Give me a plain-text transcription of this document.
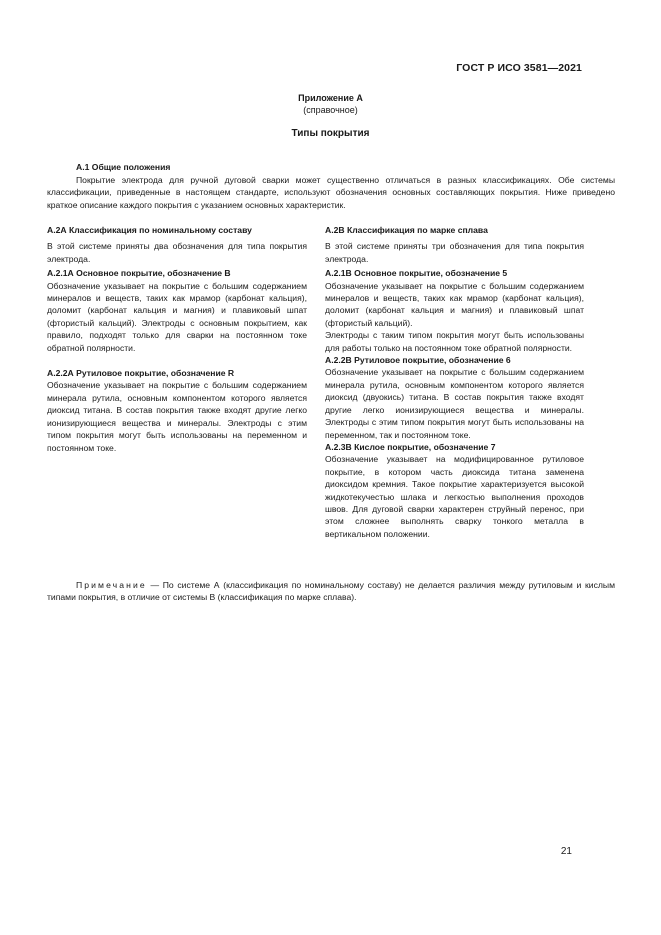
ГОСТ Р ИСО 3581—2021
Приложение А
(справочное)
Типы покрытия
А.1 Общие положения
Покрытие электрода для ручной дуговой сварки может существенно отличаться в разных классификациях. Обе системы классификации, приведенные в настоящем стандарте, используют обозначения основных составляющих покрытия. Ниже приведено краткое описание каждого покрытия с указанием основных характеристик.
А.2А Классификация по номинальному составу
В этой системе приняты два обозначения для типа покрытия электрода.
А.2.1А Основное покрытие, обозначение В
Обозначение указывает на покрытие с большим содержанием минералов и веществ, таких как мрамор (карбонат кальция), доломит (карбонат кальция и магния) и плавиковый шпат (фтористый кальций). Электроды с основным покрытием, как правило, подходят только для сварки на постоянном токе обратной полярности.
А.2.2А Рутиловое покрытие, обозначение R
Обозначение указывает на покрытие с большим содержанием минерала рутила, основным компонентом которого является диоксид титана. В состав покрытия также входят другие легко ионизирующиеся вещества и минералы. Электроды с этим типом покрытия могут быть использованы на переменном и постоянном токе.
А.2В Классификация по марке сплава
В этой системе приняты три обозначения для типа покрытия электрода.
А.2.1В Основное покрытие, обозначение 5
Обозначение указывает на покрытие с большим содержанием минералов и веществ, таких как мрамор (карбонат кальция), доломит (карбонат кальция и магния) и плавиковый шпат (фтористый кальций).
Электроды с таким типом покрытия могут быть использованы для работы только на постоянном токе обратной полярности.
А.2.2В Рутиловое покрытие, обозначение 6
Обозначение указывает на покрытие с большим содержанием минерала рутила, основным компонентом которого является диоксид (двуокись) титана. В состав покрытия также входят другие легко ионизирующиеся вещества и минералы. Электроды с этим типом покрытия могут быть использованы на переменном, так и постоянном токе.
А.2.3В Кислое покрытие, обозначение 7
Обозначение указывает на модифицированное рутиловое покрытие, в котором часть диоксида титана заменена диоксидом кремния. Такое покрытие характеризуется высокой жидкотекучестью шлака и легкостью выполнения проходов швов. Для дуговой сварки характерен струйный перенос, при этом сложнее выполнять сварку тонкого металла в вертикальном положении.
Примечание — По системе А (классификация по номинальному составу) не делается различия между рутиловым и кислым типами покрытия, в отличие от системы В (классификация по марке сплава).
21
